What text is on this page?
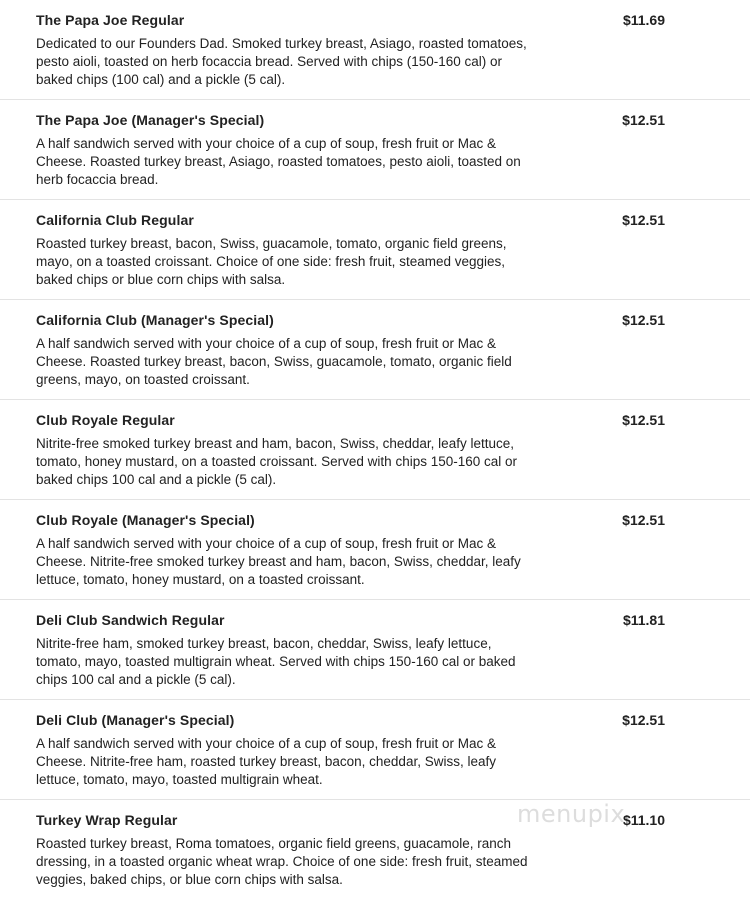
The Papa Joe Regular	$11.69
Dedicated to our Founders Dad. Smoked turkey breast, Asiago, roasted tomatoes, pesto aioli, toasted on herb focaccia bread. Served with chips (150-160 cal) or baked chips (100 cal) and a pickle (5 cal).
The Papa Joe (Manager's Special)	$12.51
A half sandwich served with your choice of a cup of soup, fresh fruit or Mac & Cheese. Roasted turkey breast, Asiago, roasted tomatoes, pesto aioli, toasted on herb focaccia bread.
California Club Regular	$12.51
Roasted turkey breast, bacon, Swiss, guacamole, tomato, organic field greens, mayo, on a toasted croissant. Choice of one side: fresh fruit, steamed veggies, baked chips or blue corn chips with salsa.
California Club (Manager's Special)	$12.51
A half sandwich served with your choice of a cup of soup, fresh fruit or Mac & Cheese. Roasted turkey breast, bacon, Swiss, guacamole, tomato, organic field greens, mayo, on toasted croissant.
Club Royale Regular	$12.51
Nitrite-free smoked turkey breast and ham, bacon, Swiss, cheddar, leafy lettuce, tomato, honey mustard, on a toasted croissant. Served with chips 150-160 cal or baked chips 100 cal and a pickle (5 cal).
Club Royale (Manager's Special)	$12.51
A half sandwich served with your choice of a cup of soup, fresh fruit or Mac & Cheese. Nitrite-free smoked turkey breast and ham, bacon, Swiss, cheddar, leafy lettuce, tomato, honey mustard, on a toasted croissant.
Deli Club Sandwich Regular	$11.81
Nitrite-free ham, smoked turkey breast, bacon, cheddar, Swiss, leafy lettuce, tomato, mayo, toasted multigrain wheat. Served with chips 150-160 cal or baked chips 100 cal and a pickle (5 cal).
Deli Club (Manager's Special)	$12.51
A half sandwich served with your choice of a cup of soup, fresh fruit or Mac & Cheese. Nitrite-free ham, roasted turkey breast, bacon, cheddar, Swiss, leafy lettuce, tomato, mayo, toasted multigrain wheat.
Turkey Wrap Regular	$11.10
Roasted turkey breast, Roma tomatoes, organic field greens, guacamole, ranch dressing, in a toasted organic wheat wrap. Choice of one side: fresh fruit, steamed veggies, baked chips, or blue corn chips with salsa.
menupix
